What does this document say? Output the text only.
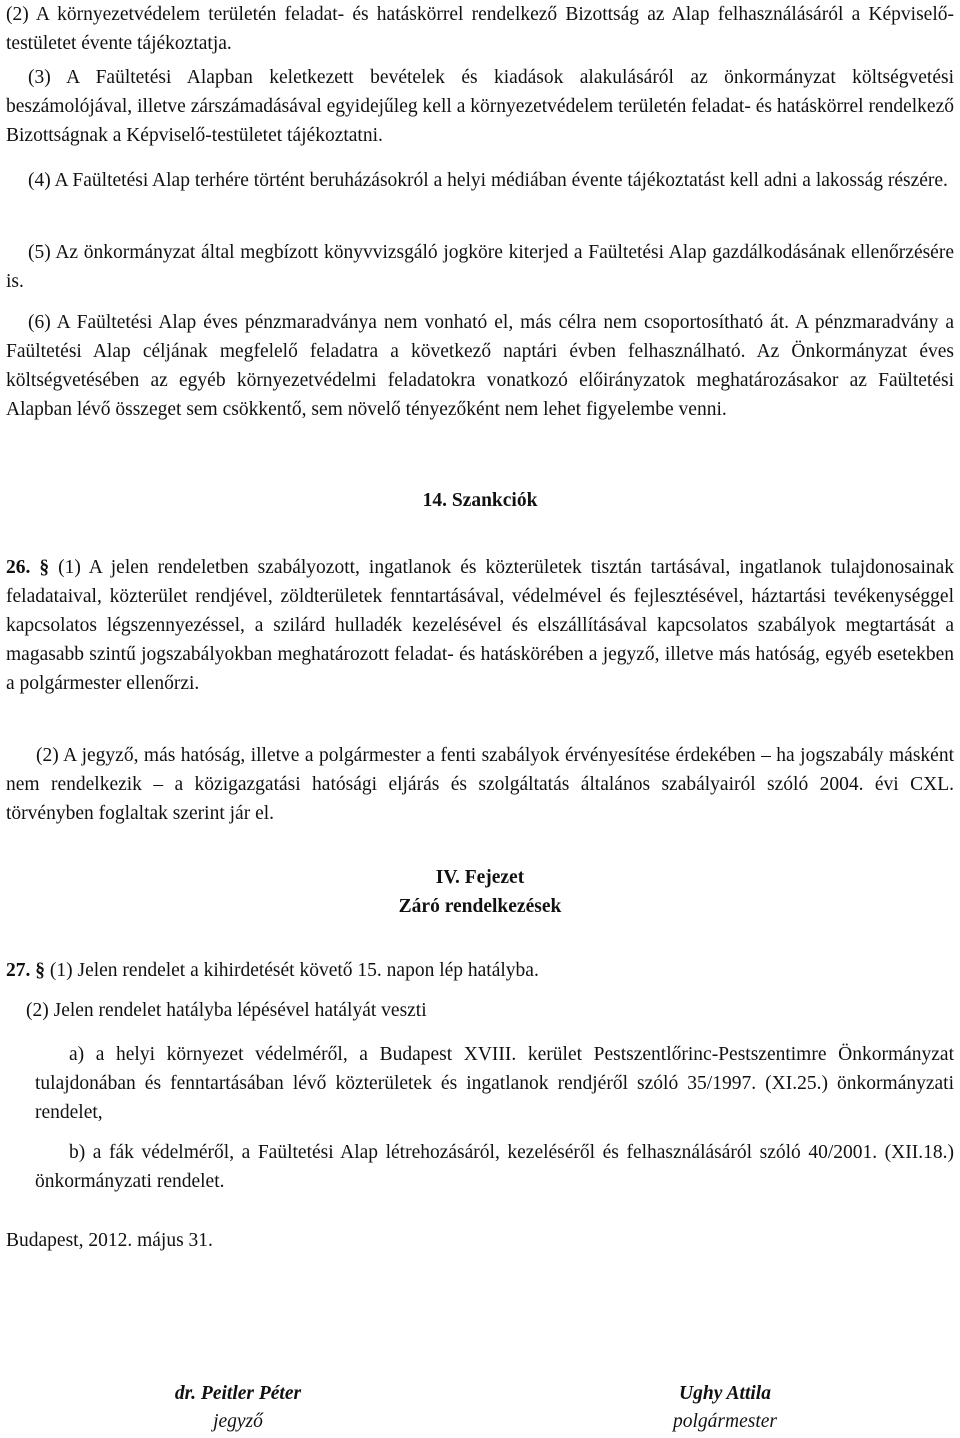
(2) A környezetvédelem területén feladat- és hatáskörrel rendelkező Bizottság az Alap felhasználásáról a Képviselő-testületet évente tájékoztatja.

(3) A Faültetési Alapban keletkezett bevételek és kiadások alakulásáról az önkormányzat költségvetési beszámolójával, illetve zárszámadásával egyidejűleg kell a környezetvédelem területén feladat- és hatáskörrel rendelkező Bizottságnak a Képviselő-testületet tájékoztatni.

(4) A Faültetési Alap terhére történt beruházásokról a helyi médiában évente tájékoztatást kell adni a lakosság részére.

(5) Az önkormányzat által megbízott könyvvizsgáló jogköre kiterjed a Faültetési Alap gazdálkodásának ellenőrzésére is.

(6) A Faültetési Alap éves pénzmaradványa nem vonható el, más célra nem csoportosítható át. A pénzmaradvány a Faültetési Alap céljának megfelelő feladatra a következő naptári évben felhasználható. Az Önkormányzat éves költségvetésében az egyéb környezetvédelmi feladatokra vonatkozó előirányzatok meghatározásakor az Faültetési Alapban lévő összeget sem csökkentő, sem növelő tényezőként nem lehet figyelembe venni.

14. Szankciók

26. § (1) A jelen rendeletben szabályozott, ingatlanok és közterületek tisztán tartásával, ingatlanok tulajdonosainak feladataival, közterület rendjével, zöldterületek fenntartásával, védelmével és fejlesztésével, háztartási tevékenységgel kapcsolatos légszennyezéssel, a szilárd hulladék kezelésével és elszállításával kapcsolatos szabályok megtartását a magasabb szintű jogszabályokban meghatározott feladat- és hatáskörében a jegyző, illetve más hatóság, egyéb esetekben a polgármester ellenőrzi.

(2) A jegyző, más hatóság, illetve a polgármester a fenti szabályok érvényesítése érdekében – ha jogszabály másként nem rendelkezik – a közigazgatási hatósági eljárás és szolgáltatás általános szabályairól szóló 2004. évi CXL. törvényben foglaltak szerint jár el.

IV. Fejezet

Záró rendelkezések

27. § (1) Jelen rendelet a kihirdetését követő 15. napon lép hatályba.

(2) Jelen rendelet hatályba lépésével hatályát veszti

a) a helyi környezet védelméről, a Budapest XVIII. kerület Pestszentlőrinc-Pestszentimre Önkormányzat tulajdonában és fenntartásában lévő közterületek és ingatlanok rendjéről szóló 35/1997. (XI.25.) önkormányzati rendelet,

b) a fák védelméről, a Faültetési Alap létrehozásáról, kezeléséről és felhasználásáról szóló 40/2001. (XII.18.) önkormányzati rendelet.

Budapest, 2012. május 31.

dr. Peitler Péter
jegyző
Ughy Attila
polgármester
